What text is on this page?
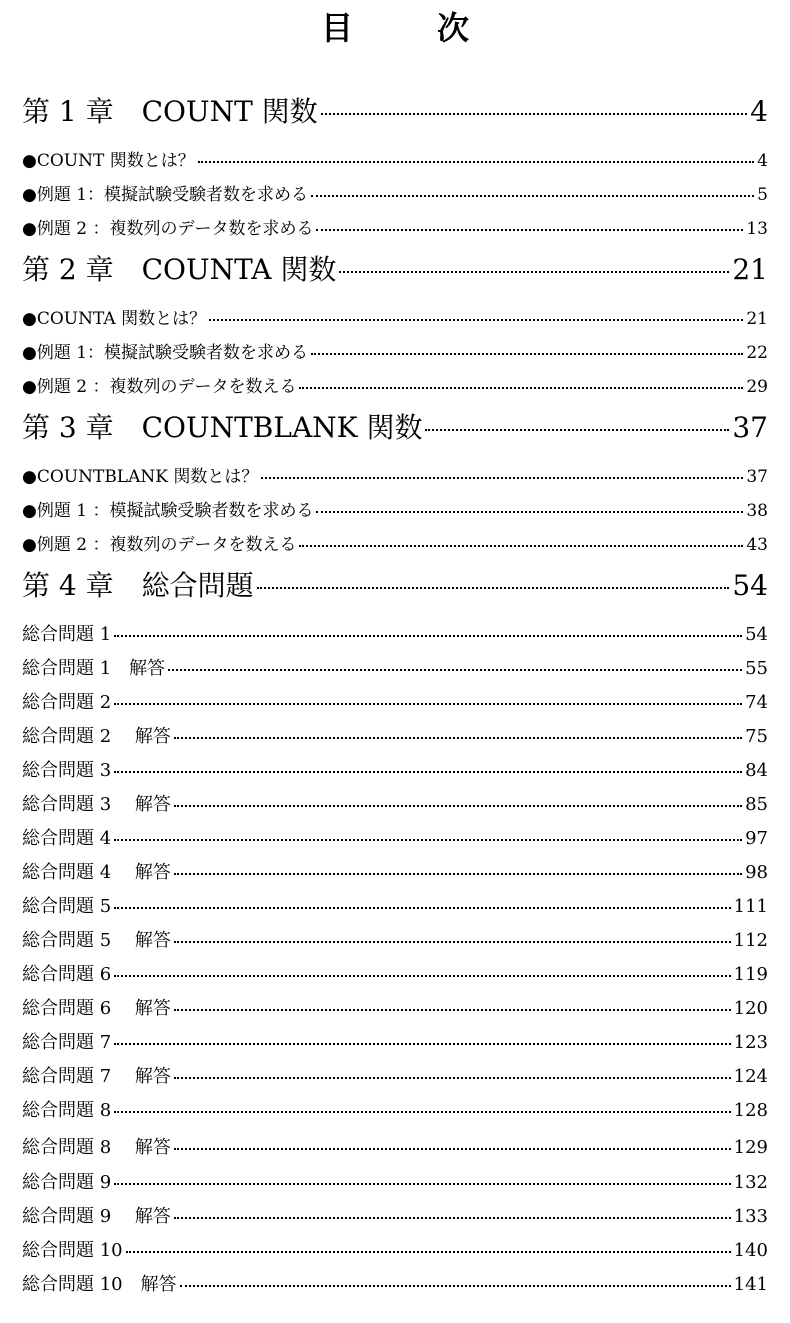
目　次
第 1 章　COUNT 関数	4
●COUNT 関数とは？	4
●例題 1：模擬試験受験者数を求める	5
●例題 2 ：複数列のデータ数を求める	13
第 2 章　COUNTA 関数	21
●COUNTA 関数とは？	21
●例題 1：模擬試験受験者数を求める	22
●例題 2 ：複数列のデータを数える	29
第 3 章　COUNTBLANK 関数	37
●COUNTBLANK 関数とは？	37
●例題 1 ：模擬試験受験者数を求める	38
●例題 2 ：複数列のデータを数える	43
第 4 章　総合問題	54
総合問題 1	54
総合問題 1　解答	55
総合問題 2	74
総合問題 2　 解答	75
総合問題 3	84
総合問題 3　 解答	85
総合問題 4	97
総合問題 4　 解答	98
総合問題 5	111
総合問題 5　 解答	112
総合問題 6	119
総合問題 6　 解答	120
総合問題 7	123
総合問題 7　 解答	124
総合問題 8	128
総合問題 8　 解答	129
総合問題 9	132
総合問題 9　 解答	133
総合問題 10	140
総合問題 10　解答	141
